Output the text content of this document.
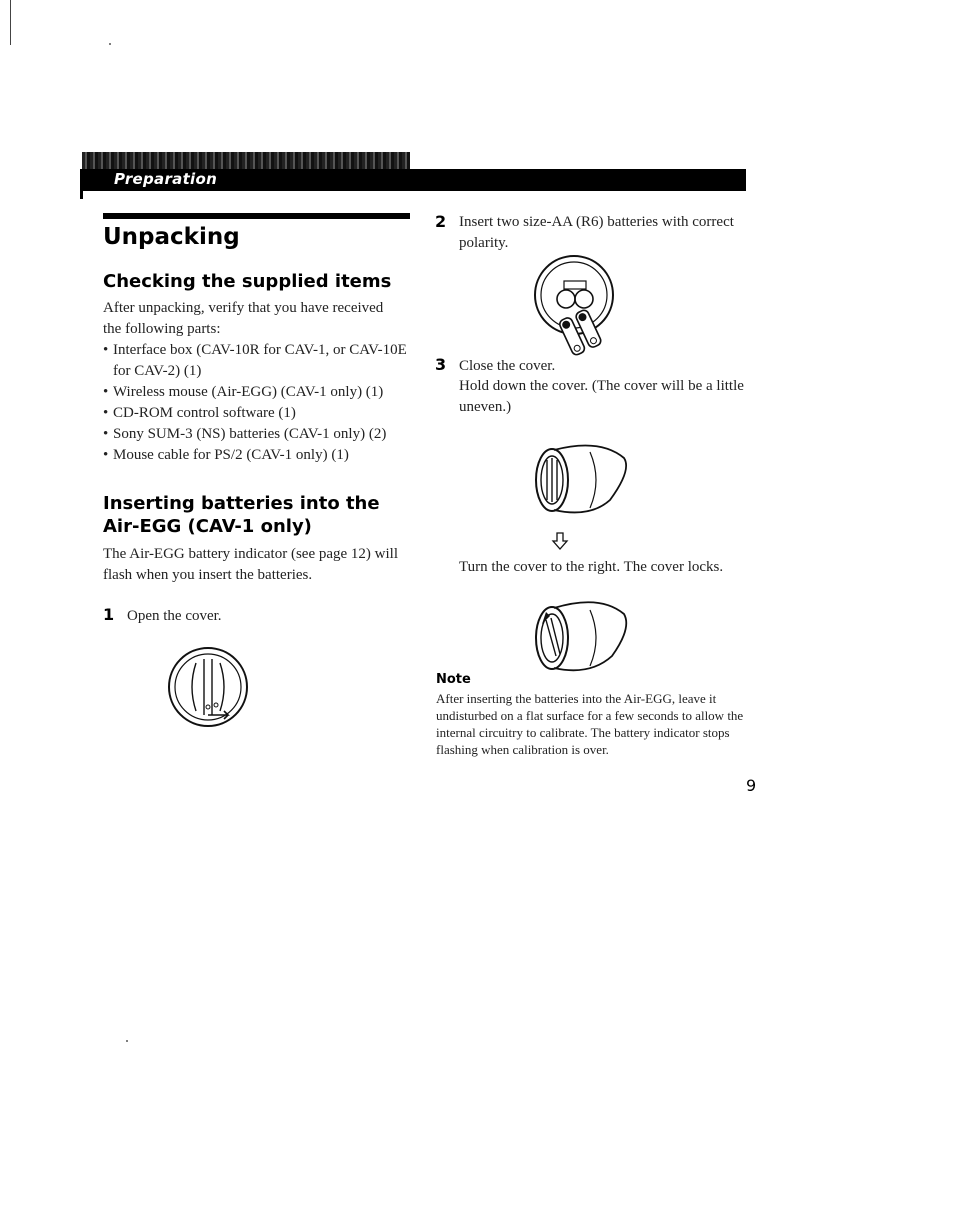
Preparation
Unpacking
Checking the supplied items
After unpacking, verify that you have received the following parts:
• Interface box (CAV-10R for CAV-1, or CAV-10E for CAV-2) (1)
• Wireless mouse (Air-EGG) (CAV-1 only) (1)
• CD-ROM control software (1)
• Sony SUM-3 (NS) batteries (CAV-1 only) (2)
• Mouse cable for PS/2 (CAV-1 only) (1)
Inserting batteries into the Air-EGG (CAV-1 only)
The Air-EGG battery indicator (see page 12) will flash when you insert the batteries.
1 Open the cover.
2 Insert two size-AA (R6) batteries with correct polarity.
3 Close the cover.
Hold down the cover. (The cover will be a little uneven.)
Turn the cover to the right. The cover locks.
Note
After inserting the batteries into the Air-EGG, leave it undisturbed on a flat surface for a few seconds to allow the internal circuitry to calibrate. The battery indicator stops flashing when calibration is over.
9
